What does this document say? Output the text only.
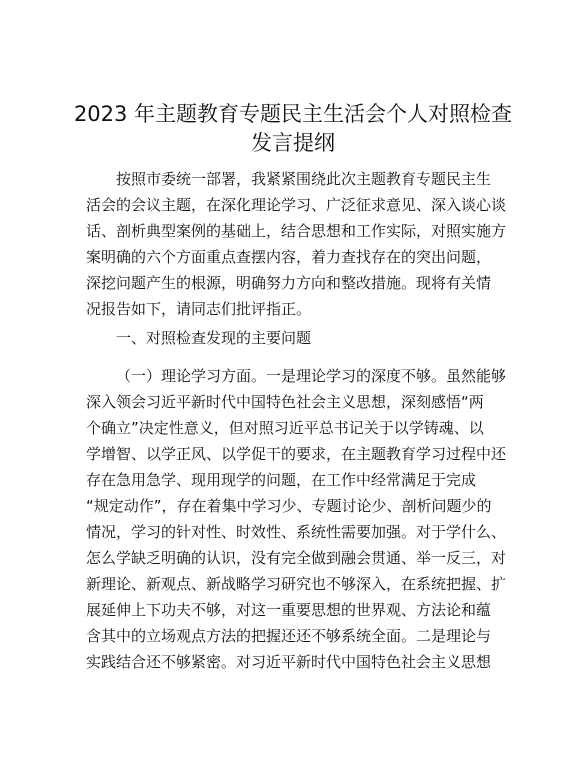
2023 年主题教育专题民主生活会个人对照检查
发言提纲
按照市委统一部署，我紧紧围绕此次主题教育专题民主生
活会的会议主题，在深化理论学习、广泛征求意见、深入谈心谈
话、剖析典型案例的基础上，结合思想和工作实际，对照实施方
案明确的六个方面重点查摆内容，着力查找存在的突出问题，
深挖问题产生的根源，明确努力方向和整改措施。现将有关情
况报告如下，请同志们批评指正。
一、对照检查发现的主要问题
（一）理论学习方面。一是理论学习的深度不够。虽然能够
深入领会习近平新时代中国特色社会主义思想，深刻感悟“两
个确立”决定性意义，但对照习近平总书记关于以学铸魂、以
学增智、以学正风、以学促干的要求，在主题教育学习过程中还
存在急用急学、现用现学的问题，在工作中经常满足于完成
“规定动作”，存在着集中学习少、专题讨论少、剖析问题少的
情况，学习的针对性、时效性、系统性需要加强。对于学什么、
怎么学缺乏明确的认识，没有完全做到融会贯通、举一反三，对
新理论、新观点、新战略学习研究也不够深入，在系统把握、扩
展延伸上下功夫不够，对这一重要思想的世界观、方法论和蕴
含其中的立场观点方法的把握还还不够系统全面。二是理论与
实践结合还不够紧密。对习近平新时代中国特色社会主义思想
